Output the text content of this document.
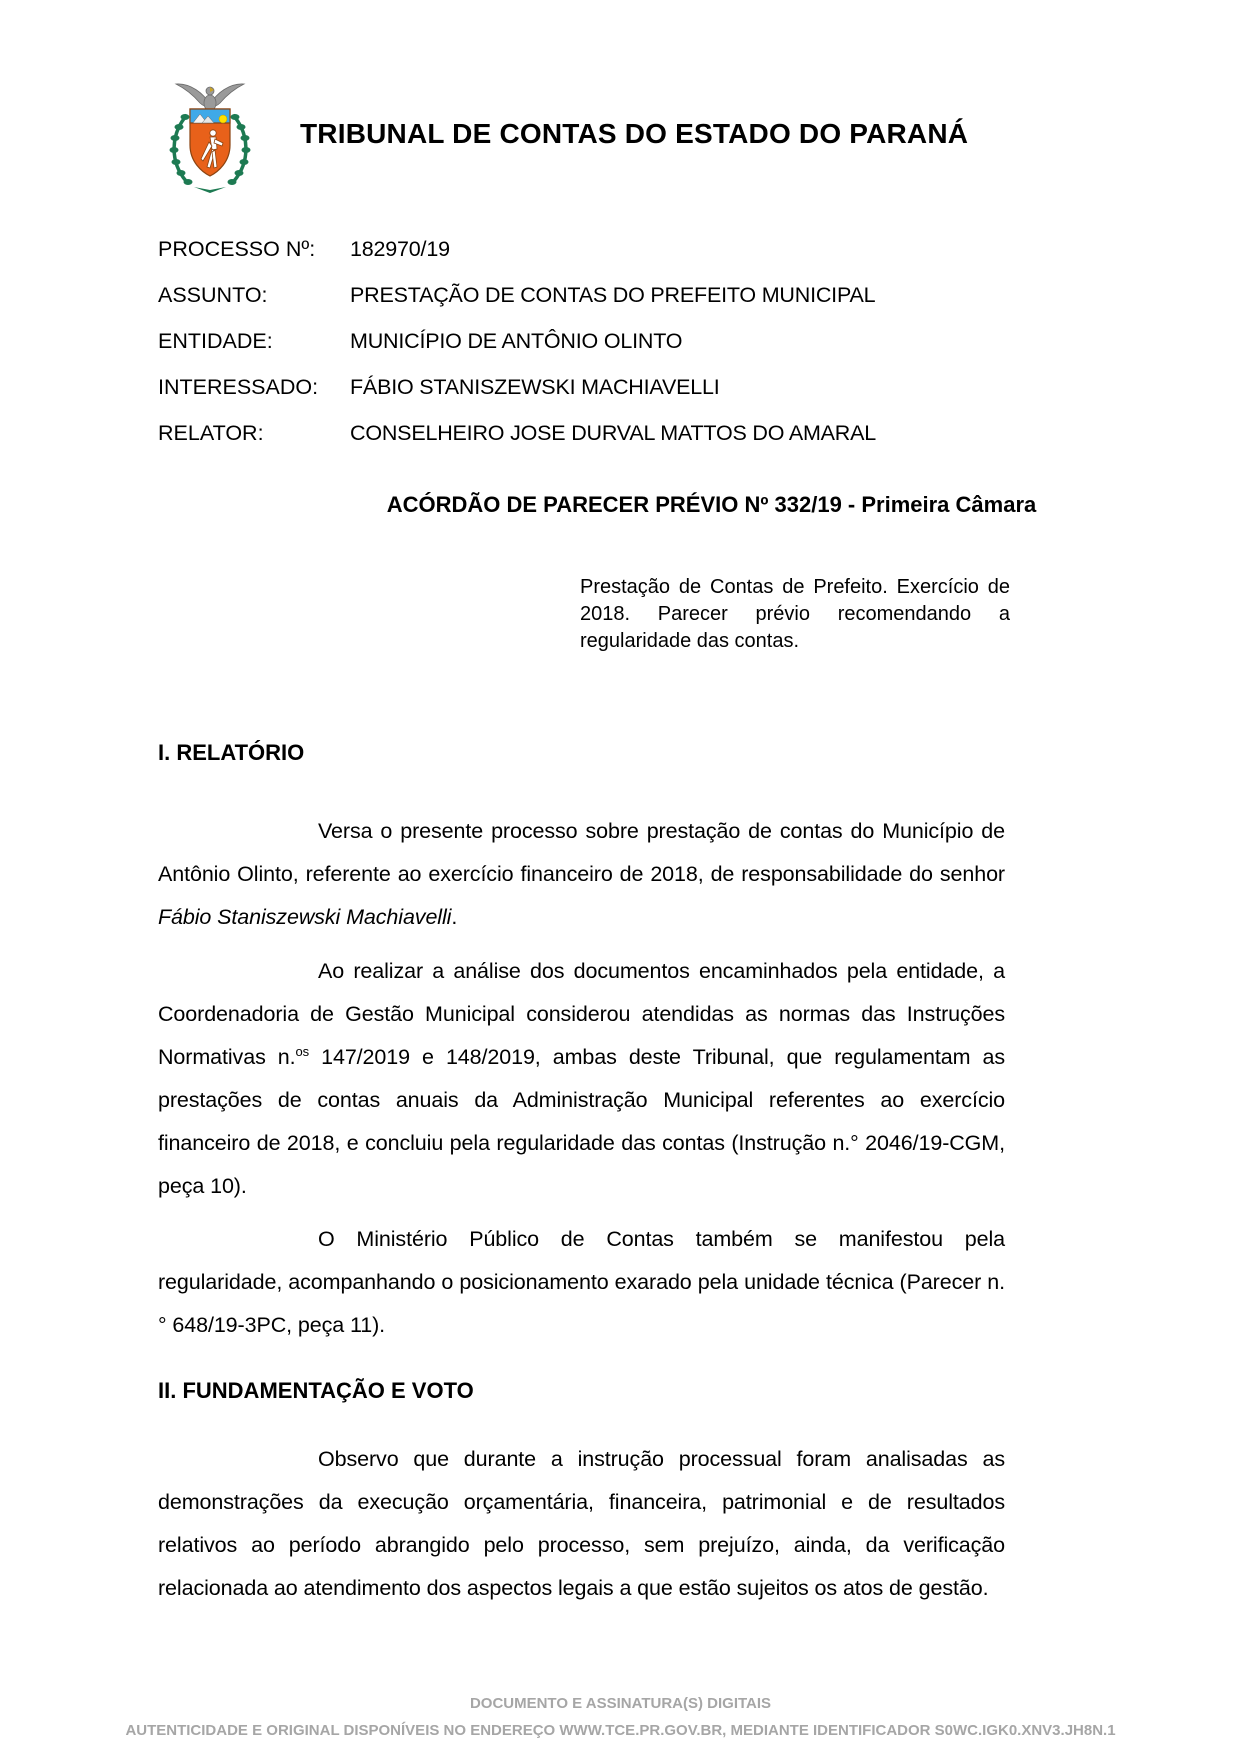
TRIBUNAL DE CONTAS DO ESTADO DO PARANÁ
PROCESSO Nº:	182970/19
ASSUNTO:	PRESTAÇÃO DE CONTAS DO PREFEITO MUNICIPAL
ENTIDADE:	MUNICÍPIO DE ANTÔNIO OLINTO
INTERESSADO:	FÁBIO STANISZEWSKI MACHIAVELLI
RELATOR:	CONSELHEIRO JOSE DURVAL MATTOS DO AMARAL
ACÓRDÃO DE PARECER PRÉVIO Nº 332/19 - Primeira Câmara
Prestação de Contas de Prefeito. Exercício de 2018. Parecer prévio recomendando a regularidade das contas.
I. RELATÓRIO

Versa o presente processo sobre prestação de contas do Município de Antônio Olinto, referente ao exercício financeiro de 2018, de responsabilidade do senhor Fábio Staniszewski Machiavelli.

Ao realizar a análise dos documentos encaminhados pela entidade, a Coordenadoria de Gestão Municipal considerou atendidas as normas das Instruções Normativas n.$^{os}$ 147/2019 e 148/2019, ambas deste Tribunal, que regulamentam as prestações de contas anuais da Administração Municipal referentes ao exercício financeiro de 2018, e concluiu pela regularidade das contas (Instrução n.° 2046/19-CGM, peça 10).

O Ministério Público de Contas também se manifestou pela regularidade, acompanhando o posicionamento exarado pela unidade técnica (Parecer n.° 648/19-3PC, peça 11).

II. FUNDAMENTAÇÃO E VOTO

Observo que durante a instrução processual foram analisadas as demonstrações da execução orçamentária, financeira, patrimonial e de resultados relativos ao período abrangido pelo processo, sem prejuízo, ainda, da verificação relacionada ao atendimento dos aspectos legais a que estão sujeitos os atos de gestão.

DOCUMENTO E ASSINATURA(S) DIGITAIS
AUTENTICIDADE E ORIGINAL DISPONÍVEIS NO ENDEREÇO WWW.TCE.PR.GOV.BR, MEDIANTE IDENTIFICADOR S0WC.IGK0.XNV3.JH8N.1
